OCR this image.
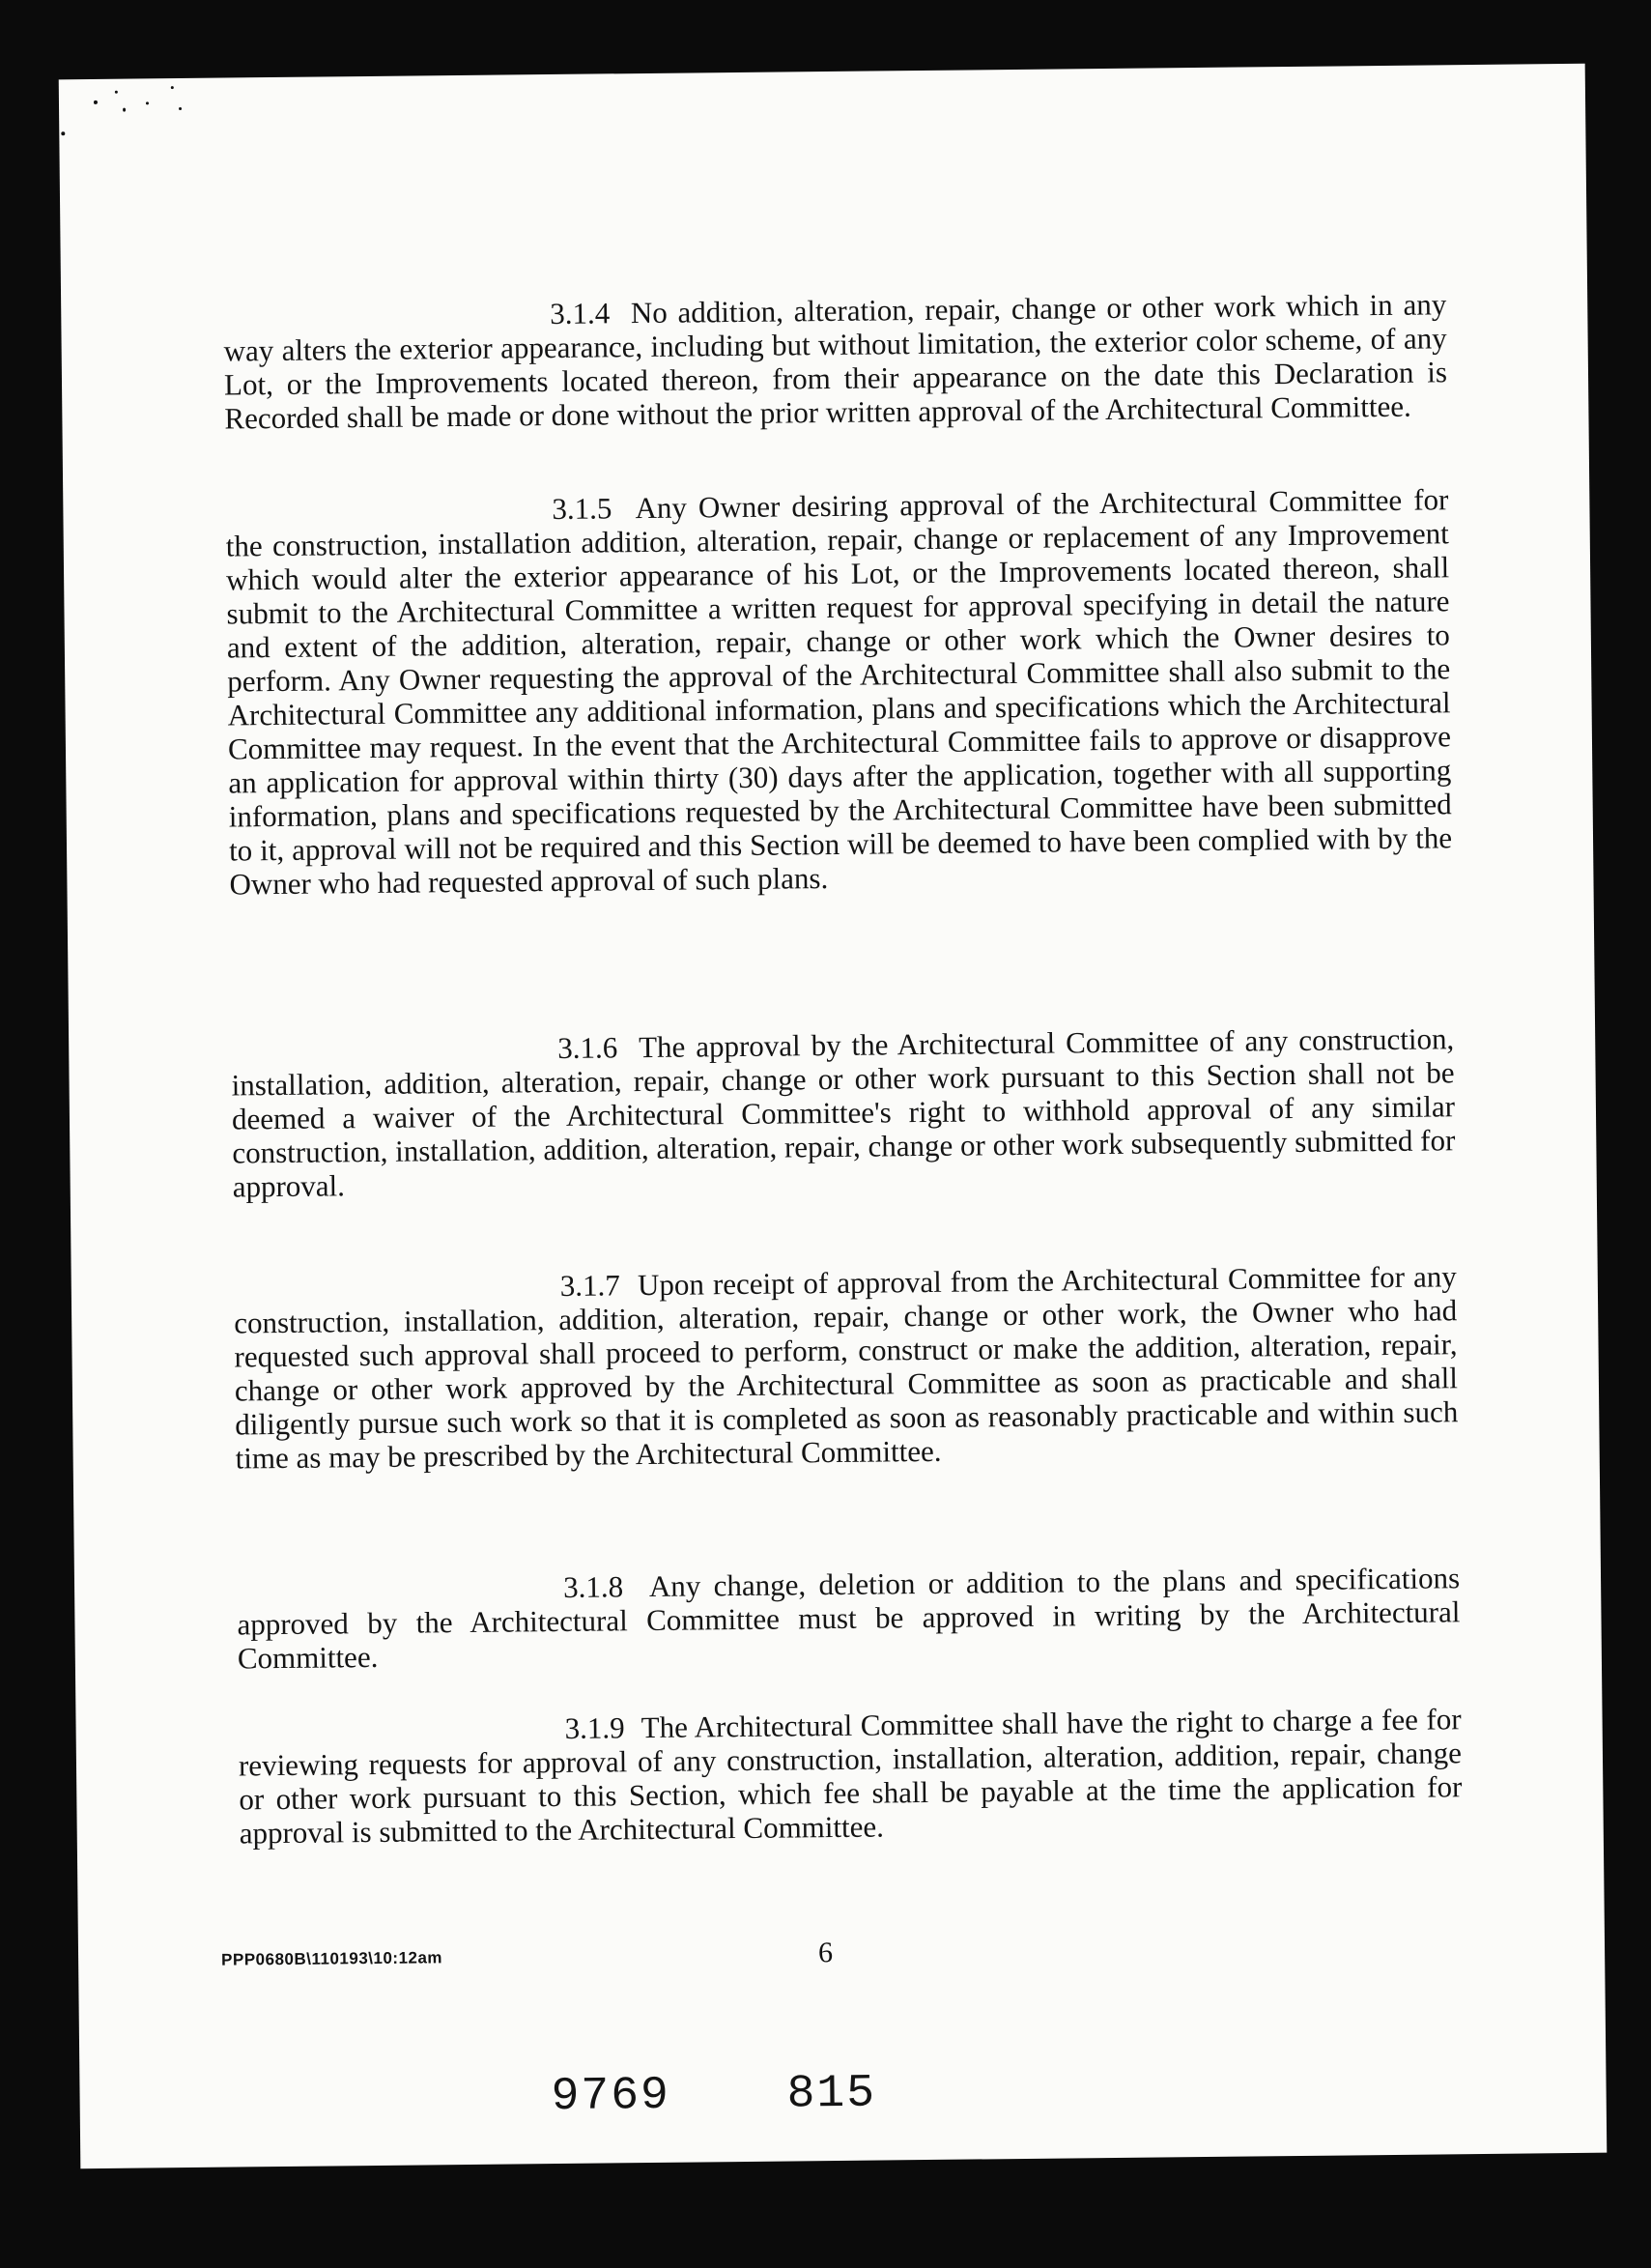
3.1.4 No addition, alteration, repair, change or other work which in any way alters the exterior appearance, including but without limitation, the exterior color scheme, of any Lot, or the Improvements located thereon, from their appearance on the date this Declaration is Recorded shall be made or done without the prior written approval of the Architectural Committee.

3.1.5 Any Owner desiring approval of the Architectural Committee for the construction, installation addition, alteration, repair, change or replacement of any Improvement which would alter the exterior appearance of his Lot, or the Improvements located thereon, shall submit to the Architectural Committee a written request for approval specifying in detail the nature and extent of the addition, alteration, repair, change or other work which the Owner desires to perform. Any Owner requesting the approval of the Architectural Committee shall also submit to the Architectural Committee any additional information, plans and specifications which the Architectural Committee may request. In the event that the Architectural Committee fails to approve or disapprove an application for approval within thirty (30) days after the application, together with all supporting information, plans and specifications requested by the Architectural Committee have been submitted to it, approval will not be required and this Section will be deemed to have been complied with by the Owner who had requested approval of such plans.

3.1.6 The approval by the Architectural Committee of any construction, installation, addition, alteration, repair, change or other work pursuant to this Section shall not be deemed a waiver of the Architectural Committee's right to withhold approval of any similar construction, installation, addition, alteration, repair, change or other work subsequently submitted for approval.

3.1.7 Upon receipt of approval from the Architectural Committee for any construction, installation, addition, alteration, repair, change or other work, the Owner who had requested such approval shall proceed to perform, construct or make the addition, alteration, repair, change or other work approved by the Architectural Committee as soon as practicable and shall diligently pursue such work so that it is completed as soon as reasonably practicable and within such time as may be prescribed by the Architectural Committee.

3.1.8 Any change, deletion or addition to the plans and specifications approved by the Architectural Committee must be approved in writing by the Architectural Committee.

3.1.9 The Architectural Committee shall have the right to charge a fee for reviewing requests for approval of any construction, installation, alteration, addition, repair, change or other work pursuant to this Section, which fee shall be payable at the time the application for approval is submitted to the Architectural Committee.

PPP0680B\110193\10:12am	6
9769	815
